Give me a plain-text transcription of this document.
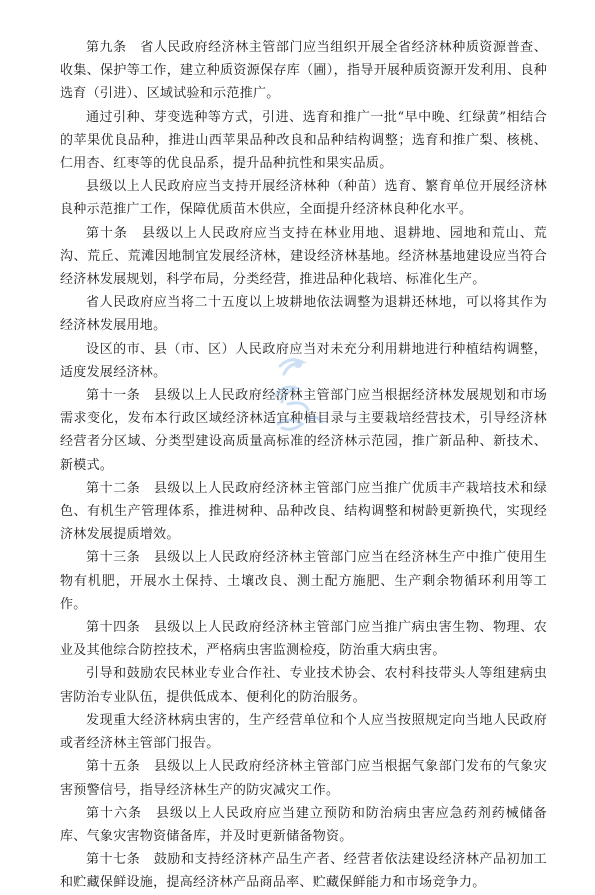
第九条　省人民政府经济林主管部门应当组织开展全省经济林种质资源普查、收集、保护等工作，建立种质资源保存库（圃），指导开展种质资源开发利用、良种选育（引进）、区域试验和示范推广。

通过引种、芽变选种等方式，引进、选育和推广一批“早中晚、红绿黄”相结合的苹果优良品种，推进山西苹果品种改良和品种结构调整；选育和推广梨、核桃、仁用杏、红枣等的优良品系，提升品种抗性和果实品质。

县级以上人民政府应当支持开展经济林种（种苗）选育、繁育单位开展经济林良种示范推广工作，保障优质苗木供应，全面提升经济林良种化水平。

第十条　县级以上人民政府应当支持在林业用地、退耕地、园地和荒山、荒沟、荒丘、荒滩因地制宜发展经济林，建设经济林基地。经济林基地建设应当符合经济林发展规划，科学布局，分类经营，推进品种化栽培、标准化生产。

省人民政府应当将二十五度以上坡耕地依法调整为退耕还林地，可以将其作为经济林发展用地。

设区的市、县（市、区）人民政府应当对未充分利用耕地进行种植结构调整，适度发展经济林。

第十一条　县级以上人民政府经济林主管部门应当根据经济林发展规划和市场需求变化，发布本行政区域经济林适宜种植目录与主要栽培经营技术，引导经济林经营者分区域、分类型建设高质量高标准的经济林示范园，推广新品种、新技术、新模式。

第十二条　县级以上人民政府经济林主管部门应当推广优质丰产栽培技术和绿色、有机生产管理体系，推进树种、品种改良、结构调整和树龄更新换代，实现经济林发展提质增效。

第十三条　县级以上人民政府经济林主管部门应当在经济林生产中推广使用生物有机肥，开展水土保持、土壤改良、测土配方施肥、生产剩余物循环利用等工作。

第十四条　县级以上人民政府经济林主管部门应当推广病虫害生物、物理、农业及其他综合防控技术，严格病虫害监测检疫，防治重大病虫害。

引导和鼓励农民林业专业合作社、专业技术协会、农村科技带头人等组建病虫害防治专业队伍，提供低成本、便利化的防治服务。

发现重大经济林病虫害的，生产经营单位和个人应当按照规定向当地人民政府或者经济林主管部门报告。

第十五条　县级以上人民政府经济林主管部门应当根据气象部门发布的气象灾害预警信号，指导经济林生产的防灾减灾工作。

第十六条　县级以上人民政府应当建立预防和防治病虫害应急药剂药械储备库、气象灾害物资储备库，并及时更新储备物资。

第十七条　鼓励和支持经济林产品生产者、经营者依法建设经济林产品初加工和贮藏保鲜设施，提高经济林产品商品率、贮藏保鲜能力和市场竞争力。
